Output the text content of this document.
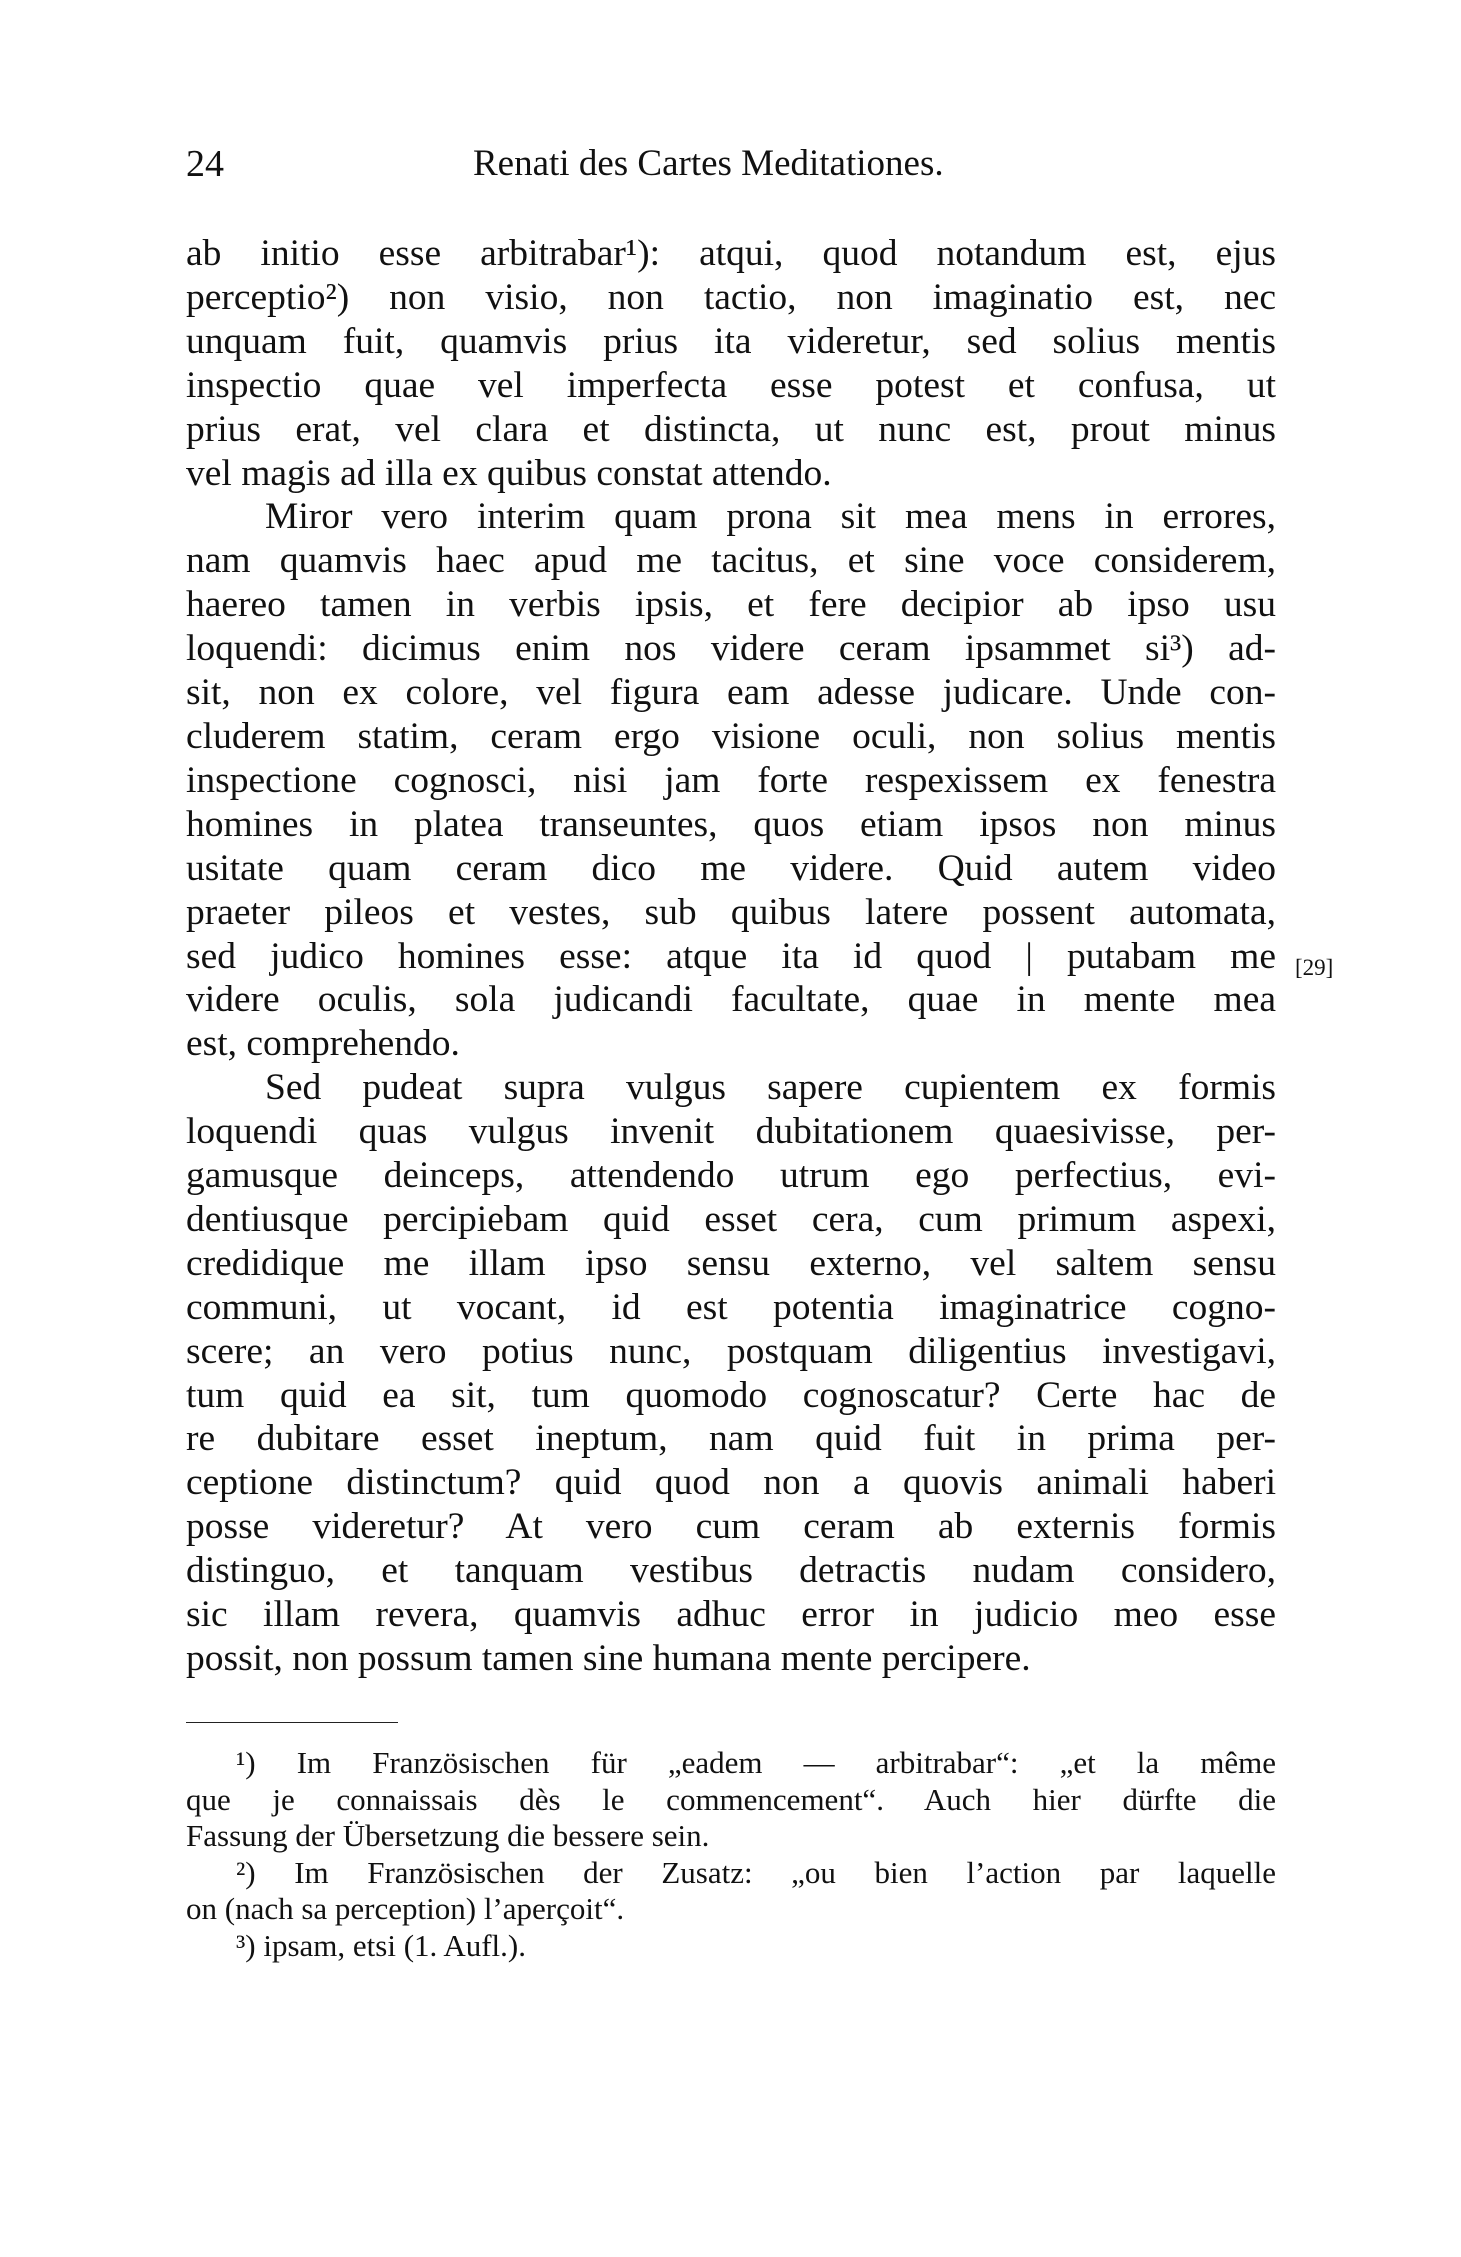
24	Renati des Cartes Meditationes.

ab initio esse arbitrabar¹): atqui, quod notandum est, ejus
perceptio²) non visio, non tactio, non imaginatio est, nec
unquam fuit, quamvis prius ita videretur, sed solius mentis
inspectio quae vel imperfecta esse potest et confusa, ut
prius erat, vel clara et distincta, ut nunc est, prout minus
vel magis ad illa ex quibus constat attendo.

Miror vero interim quam prona sit mea mens in errores,
nam quamvis haec apud me tacitus, et sine voce considerem,
haereo tamen in verbis ipsis, et fere decipior ab ipso usu
loquendi: dicimus enim nos videre ceram ipsammet si³) ad-
sit, non ex colore, vel figura eam adesse judicare. Unde con-
cluderem statim, ceram ergo visione oculi, non solius mentis
inspectione cognosci, nisi jam forte respexissem ex fenestra
homines in platea transeuntes, quos etiam ipsos non minus
usitate quam ceram dico me videre. Quid autem video
praeter pileos et vestes, sub quibus latere possent automata,
sed judico homines esse: atque ita id quod | putabam me
videre oculis, sola judicandi facultate, quae in mente mea
est, comprehendo.

Sed pudeat supra vulgus sapere cupientem ex formis
loquendi quas vulgus invenit dubitationem quaesivisse, per-
gamusque deinceps, attendendo utrum ego perfectius, evi-
dentiusque percipiebam quid esset cera, cum primum aspexi,
credidique me illam ipso sensu externo, vel saltem sensu
communi, ut vocant, id est potentia imaginatrice cogno-
scere; an vero potius nunc, postquam diligentius investigavi,
tum quid ea sit, tum quomodo cognoscatur? Certe hac de
re dubitare esset ineptum, nam quid fuit in prima per-
ceptione distinctum? quid quod non a quovis animali haberi
posse videretur? At vero cum ceram ab externis formis
distinguo, et tanquam vestibus detractis nudam considero,
sic illam revera, quamvis adhuc error in judicio meo esse
possit, non possum tamen sine humana mente percipere.

[29]

¹) Im Französischen für „eadem — arbitrabar“: „et la même
que je connaissais dès le commencement“. Auch hier dürfte die
Fassung der Übersetzung die bessere sein.

²) Im Französischen der Zusatz: „ou bien l’action par laquelle
on (nach sa perception) l’aperçoit“.

³) ipsam, etsi (1. Aufl.).
